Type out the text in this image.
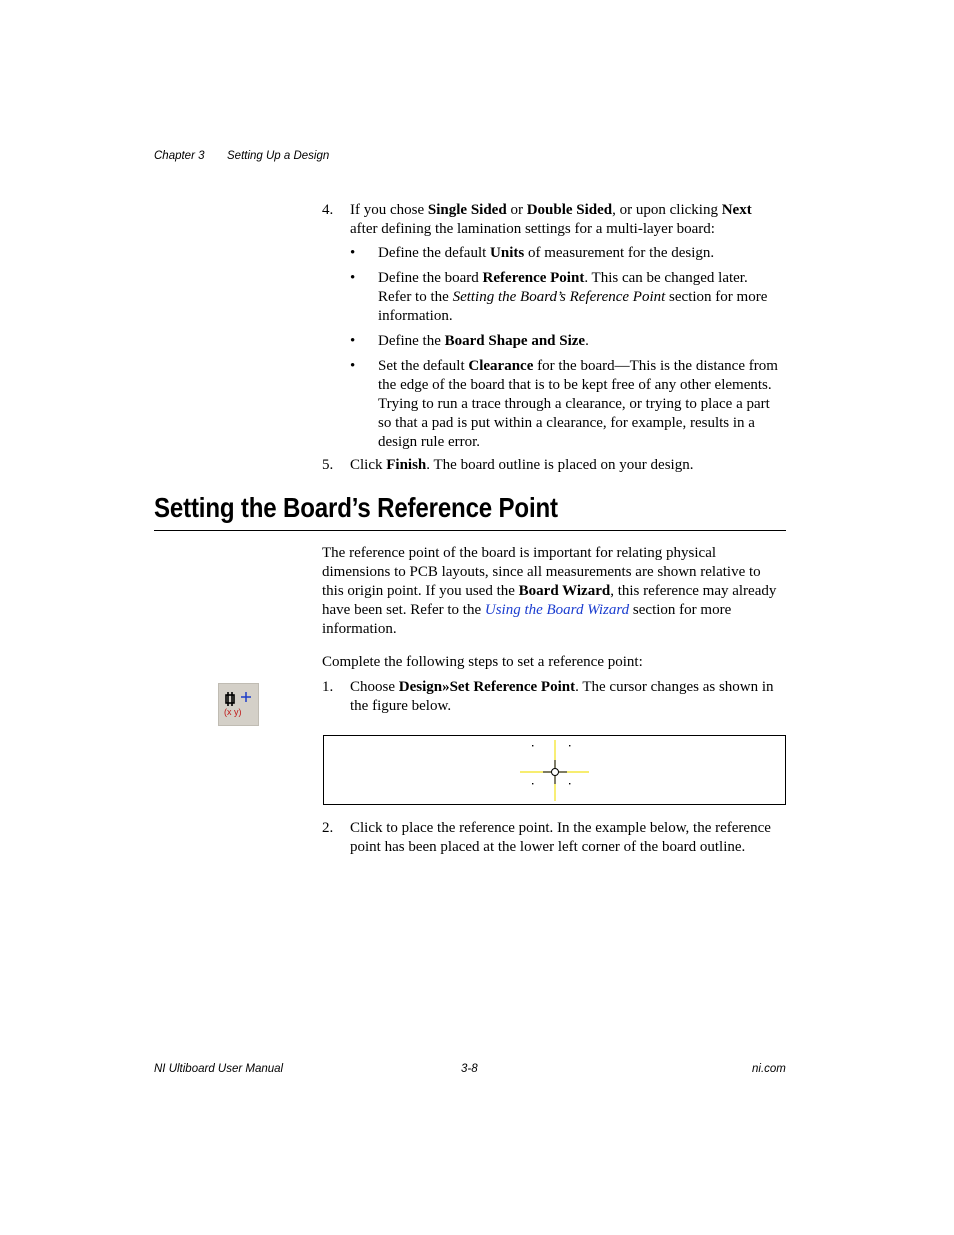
Chapter 3 Setting Up a Design
4. If you chose Single Sided or Double Sided, or upon clicking Next
after defining the lamination settings for a multi-layer board:
• Define the default Units of measurement for the design.
• Define the board Reference Point. This can be changed later.
Refer to the Setting the Board’s Reference Point section for more
information.
• Define the Board Shape and Size.
• Set the default Clearance for the board—This is the distance from
the edge of the board that is to be kept free of any other elements.
Trying to run a trace through a clearance, or trying to place a part
so that a pad is put within a clearance, for example, results in a
design rule error.
5. Click Finish. The board outline is placed on your design.
Setting the Board’s Reference Point
The reference point of the board is important for relating physical
dimensions to PCB layouts, since all measurements are shown relative to
this origin point. If you used the Board Wizard, this reference may already
have been set. Refer to the Using the Board Wizard section for more
information.
Complete the following steps to set a reference point:
(x y)
1. Choose Design»Set Reference Point. The cursor changes as shown in
the figure below.
2. Click to place the reference point. In the example below, the reference
point has been placed at the lower left corner of the board outline.
NI Ultiboard User Manual	3-8	ni.com
